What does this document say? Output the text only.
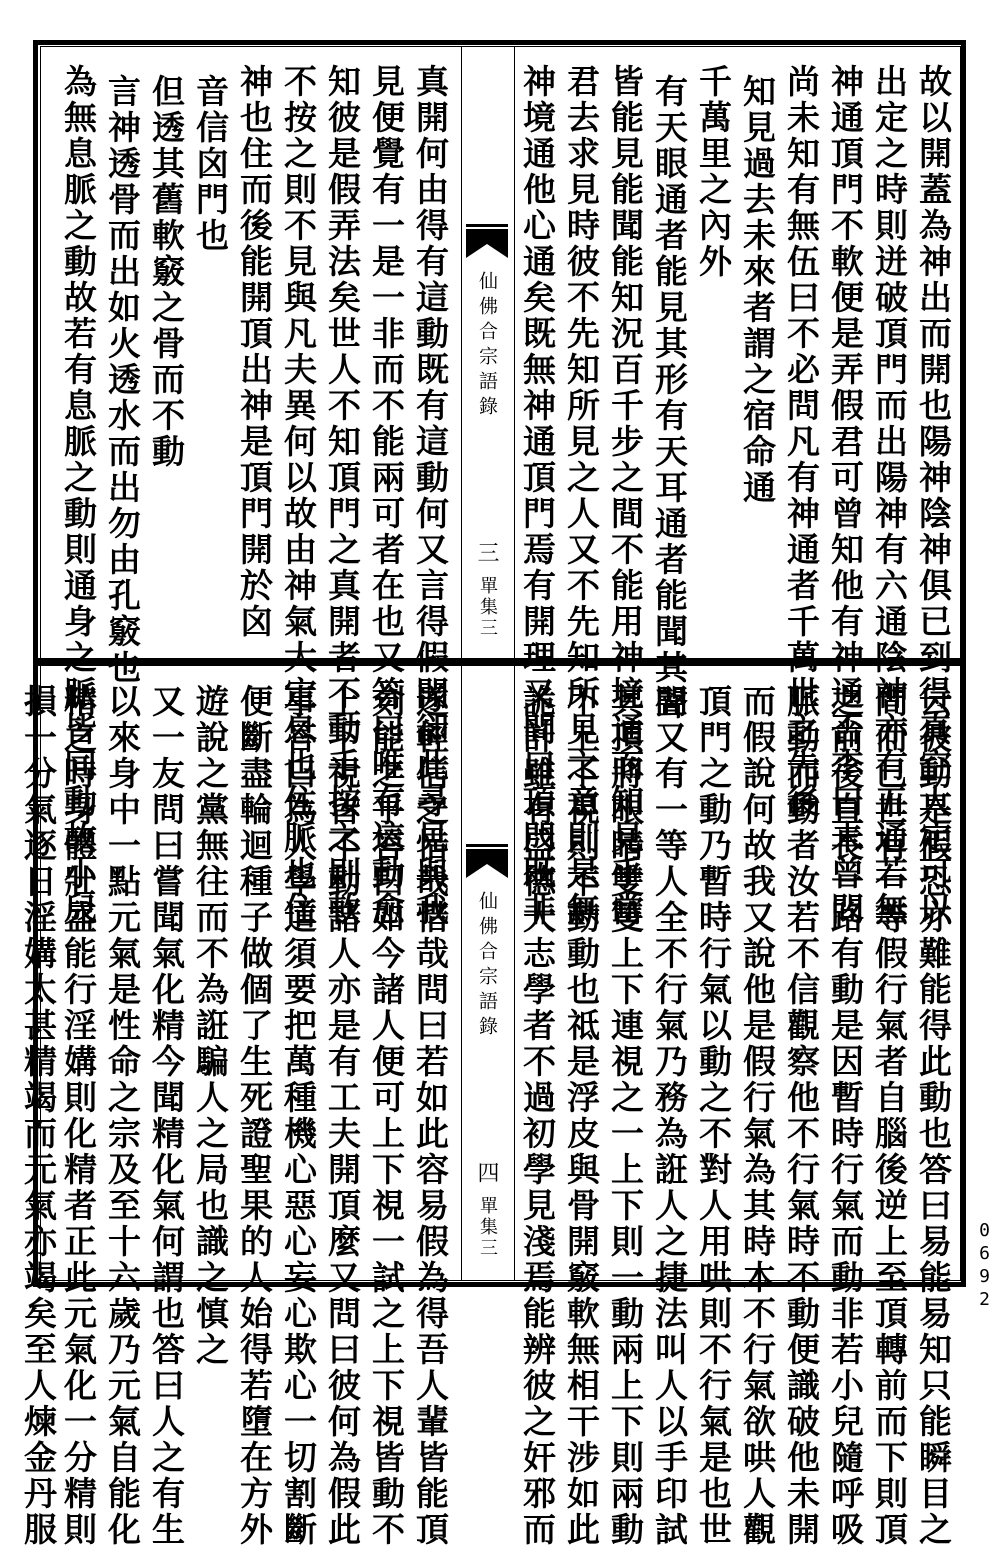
故以開蓋為神出而開也陽神陰神俱已到得真空大定可以
出定之時則迸破頂門而出陽神有六通陰神亦有五通若無
神通頂門不軟便是弄假君可曾知他有神通否李曰未曾問
尚未知有無伍曰不必問凡有神通者千萬世之先後
知見過去未來者謂之宿命通
千萬里之內外
有天眼通者能見其形有天耳通者能聞其聲
皆能見能聞能知況百千步之間不能用神境通而知見乎當
君去求見時彼不先知所見之人又不先知所見之意則是無
神境通他心通矣既無神通頂門焉有開理又問曰頂門既非
仙佛合宗語錄
三
單集三
真開何由得有這動既有這動何又言得假開卻此尋見與我
見便覺有一是一非而不能兩可者在也又答曰唯有這動愈
知彼是假弄法矣世人不知頂門之真開者不動手按之則軟
不按之則不見與凡夫異何以故由神氣大定息也住脈也住
神也住而後能開頂出神是頂門開於囟
音信囟門也
但透其舊軟竅之骨而不動
言神透骨而出如火透水而出勿由孔竅也
為無息脈之動故若有息脈之動則通身之脈皆同動故小兒
云彼動是假恐亦難能得此動也答曰易能易知只能瞬目之
間而已世有一等假行氣者自腦後逆上至頂轉前而下則頂
之前後直長一路有動是因暫時行氣而動非若小兒隨呼吸
脈動而動者汝若不信觀察他不行氣時不動便識破他未開
而假說何故我又說他是假行氣為其時本不行氣欲哄人觀
頂門之動乃暫時行氣以動之不對人用哄則不行氣是也世
間又有一等人全不行氣乃務為誑人之捷法叫人以手印試
其頂將眼睛雙雙上下連視之一上下則一動兩上下則兩動
不上下視則不動動也祗是浮皮與骨開竅軟無相干涉如此
詭計雖有盛德大志學者不過初學見淺焉能辨彼之奸邪而
仙佛合宗語錄
四
單集三
遂輕信之惜哉惜哉問曰若如此容易假為得吾人輩皆能頂
刻能之乎答曰如今諸人便可上下視一試之上下視皆動不
上下視皆不動諸人亦是有工夫開頂麼又問曰彼何為假此
事答曰為人學道須要把萬種機心惡心妄心欺心一切割斷
便斷盡輪迴種子做個了生死證聖果的人始得若墮在方外
遊說之黨無往而不為誑騙人之局也識之慎之
又一友問曰嘗聞氣化精今聞精化氣何謂也答曰人之有生
以來身中一點元氣是性命之宗及至十六歲乃元氣自能化
精之時身體壯盛能行淫媾則化精者正此元氣化一分精則
損一分氣逐日淫媾太甚精竭而元氣亦竭矣至人煉金丹服	0692
